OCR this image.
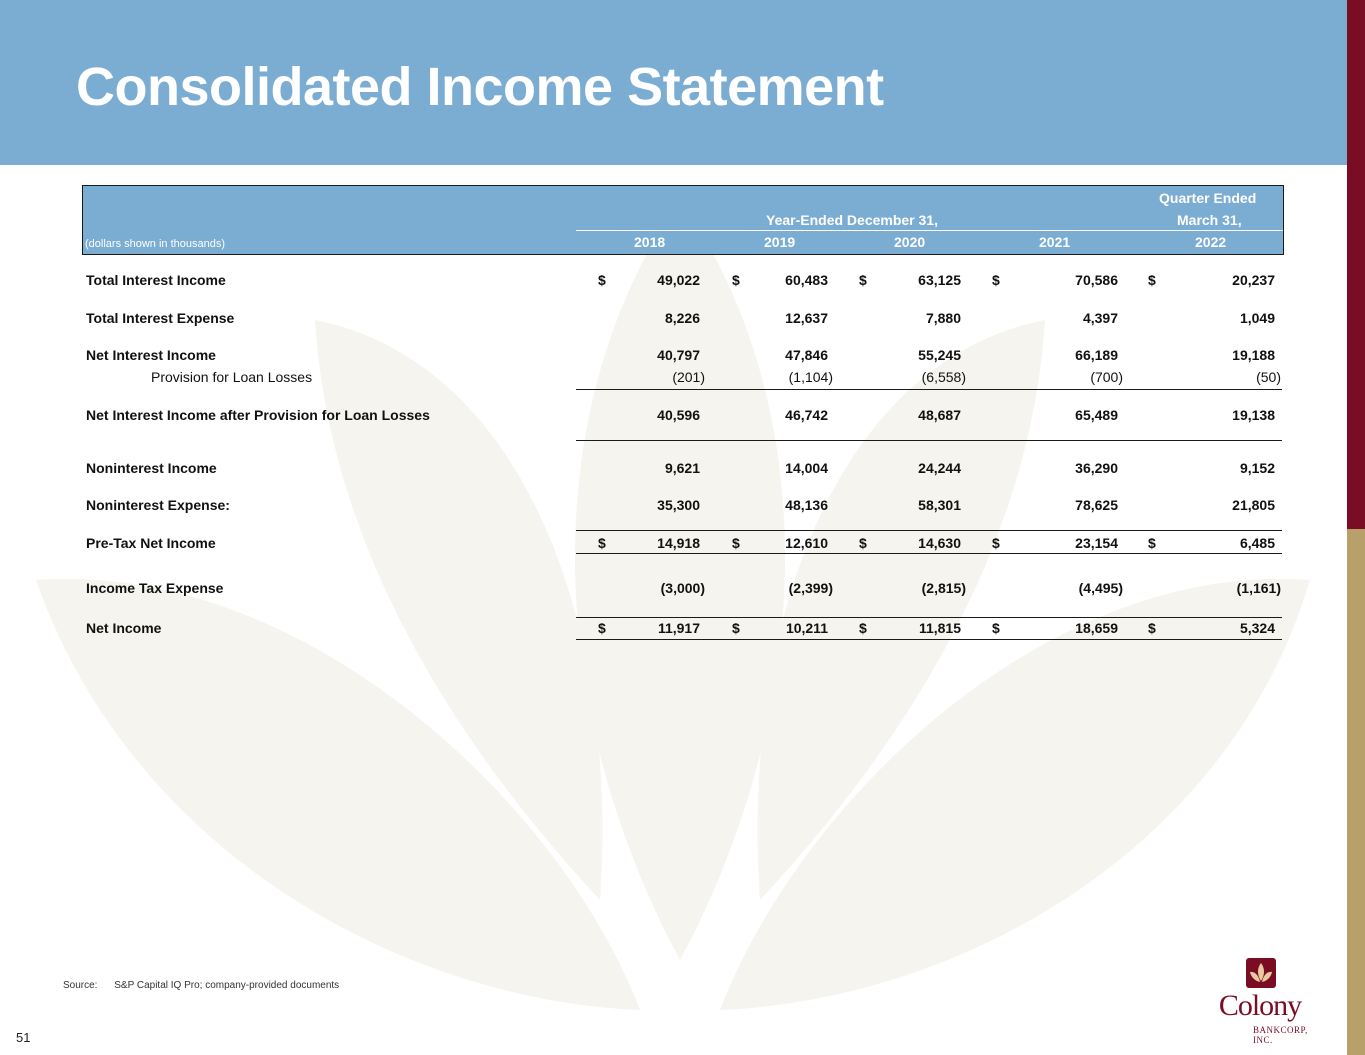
Consolidated Income Statement
Quarter Ended
Year-Ended December 31,	March 31,
(dollars shown in thousands)	2018	2019	2020	2021	2022
Total Interest Income	$	49,022 $	60,483 $	63,125 $	70,586 $	20,237
Total Interest Expense	8,226	12,637	7,880	4,397	1,049
Net Interest Income	40,797	47,846	55,245	66,189	19,188
Provision for Loan Losses	(201)	(1,104)	(6,558)	(700)	(50)
Net Interest Income after Provision for Loan Losses	40,596	46,742	48,687	65,489	19,138
Noninterest Income	9,621	14,004	24,244	36,290	9,152
Noninterest Expense:	35,300	48,136	58,301	78,625	21,805
Pre-Tax Net Income	$	14,918 $	12,610 $	14,630 $	23,154 $	6,485
Income Tax Expense	(3,000)	(2,399)	(2,815)	(4,495)	(1,161)
Net Income	$	11,917 $	10,211 $	11,815 $	18,659 $	5,324
Source: S&P Capital IQ Pro; company-provided documents
51
Colony
BANKCORP, INC.
